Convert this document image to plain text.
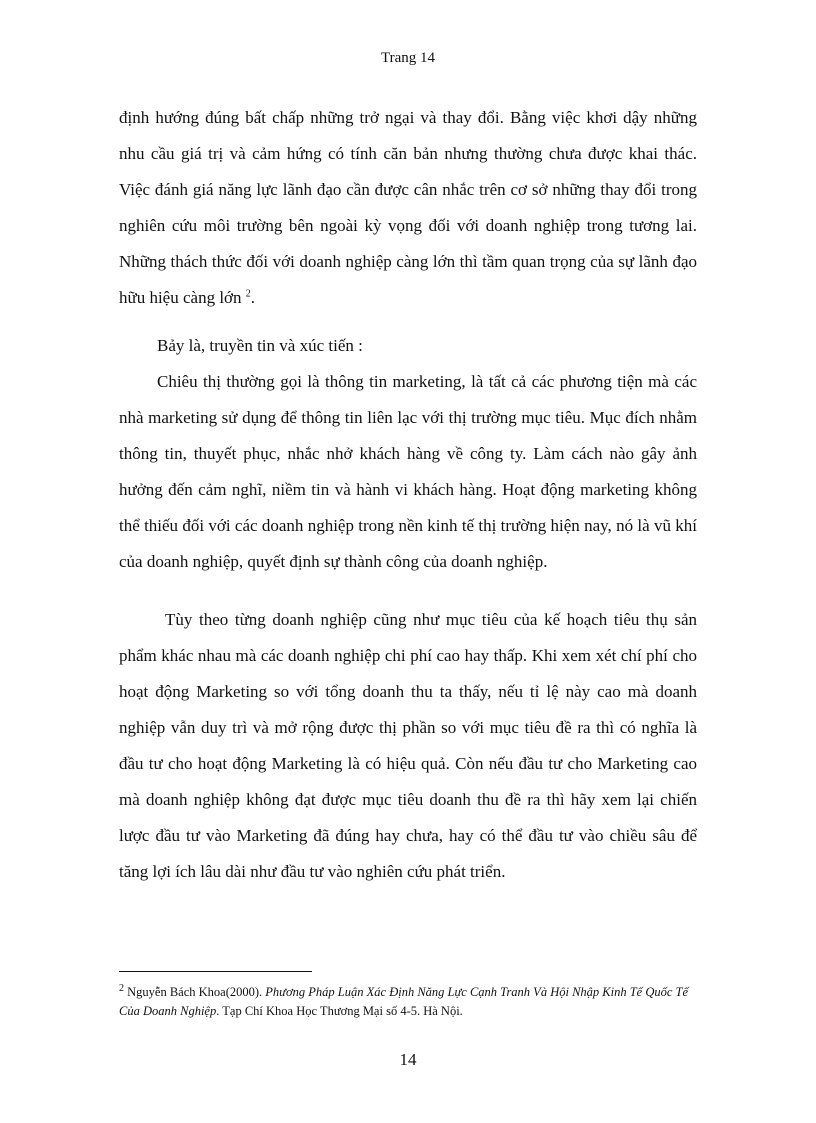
Trang 14

định hướng đúng bất chấp những trở ngại và thay đổi. Bằng việc khơi dậy những nhu cầu giá trị và cảm hứng có tính căn bản nhưng thường chưa được khai thác. Việc đánh giá năng lực lãnh đạo cần được cân nhắc trên cơ sở những thay đổi trong nghiên cứu môi trường bên ngoài kỳ vọng đối với doanh nghiệp trong tương lai. Những thách thức đối với doanh nghiệp càng lớn thì tầm quan trọng của sự lãnh đạo hữu hiệu càng lớn $^2$.

Bảy là, truyền tin và xúc tiến :

Chiêu thị thường gọi là thông tin marketing, là tất cả các phương tiện mà các nhà marketing sử dụng để thông tin liên lạc với thị trường mục tiêu. Mục đích nhằm thông tin, thuyết phục, nhắc nhở khách hàng về công ty. Làm cách nào gây ảnh hưởng đến cảm nghĩ, niềm tin và hành vi khách hàng. Hoạt động marketing không thể thiếu đối với các doanh nghiệp trong nền kinh tế thị trường hiện nay, nó là vũ khí của doanh nghiệp, quyết định sự thành công của doanh nghiệp.

Tùy theo từng doanh nghiệp cũng như mục tiêu của kế hoạch tiêu thụ sản phẩm khác nhau mà các doanh nghiệp chi phí cao hay thấp. Khi xem xét chí phí cho hoạt động Marketing so với tổng doanh thu ta thấy, nếu tỉ lệ này cao mà doanh nghiệp vẫn duy trì và mở rộng được thị phần so với mục tiêu đề ra thì có nghĩa là đầu tư cho hoạt động Marketing là có hiệu quả. Còn nếu đầu tư cho Marketing cao mà doanh nghiệp không đạt được mục tiêu doanh thu đề ra thì hãy xem lại chiến lược đầu tư vào Marketing đã đúng hay chưa, hay có thể đầu tư vào chiều sâu để tăng lợi ích lâu dài như đầu tư vào nghiên cứu phát triển.

$^2$ Nguyễn Bách Khoa(2000). Phương Pháp Luận Xác Định Năng Lực Cạnh Tranh Và Hội Nhập Kinh Tế Quốc Tế Của Doanh Nghiệp. Tạp Chí Khoa Học Thương Mại số 4-5. Hà Nội.
14
